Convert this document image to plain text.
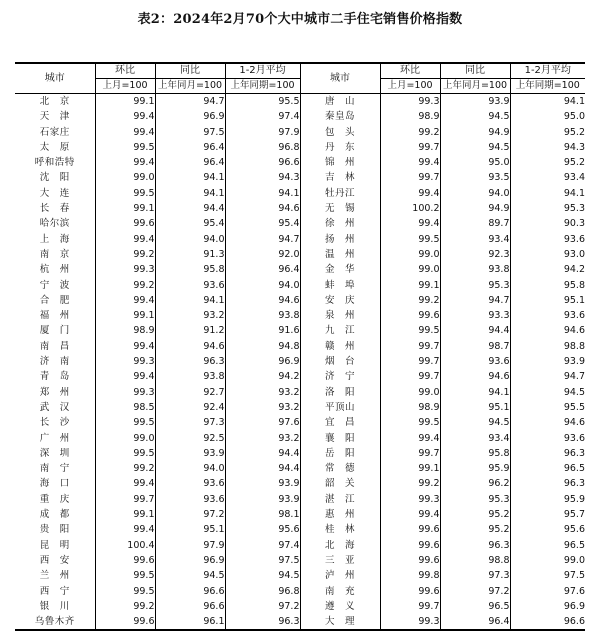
表2：2024年2月70个大中城市二手住宅销售价格指数
城市	环比	同比	1-2月平均	城市	环比	同比	1-2月平均
	上月=100	上年同月=100	上年同期=100		上月=100	上年同月=100	上年同期=100
北　京	99.1	94.7	95.5	唐　山	99.3	93.9	94.1
天　津	99.4	96.9	97.4	秦皇岛	98.9	94.5	95.0
石家庄	99.4	97.5	97.9	包　头	99.2	94.9	95.2
太　原	99.5	96.4	96.8	丹　东	99.7	94.5	94.3
呼和浩特	99.4	96.4	96.6	锦　州	99.4	95.0	95.2
沈　阳	99.0	94.1	94.3	吉　林	99.7	93.5	93.4
大　连	99.5	94.1	94.1	牡丹江	99.4	94.0	94.1
长　春	99.1	94.4	94.6	无　锡	100.2	94.9	95.3
哈尔滨	99.6	95.4	95.4	徐　州	99.4	89.7	90.3
上　海	99.4	94.0	94.7	扬　州	99.5	93.4	93.6
南　京	99.2	91.3	92.0	温　州	99.0	92.3	93.0
杭　州	99.3	95.8	96.4	金　华	99.0	93.8	94.2
宁　波	99.2	93.6	94.0	蚌　埠	99.1	95.3	95.8
合　肥	99.4	94.1	94.6	安　庆	99.2	94.7	95.1
福　州	99.1	93.2	93.8	泉　州	99.6	93.3	93.6
厦　门	98.9	91.2	91.6	九　江	99.5	94.4	94.6
南　昌	99.4	94.6	94.8	赣　州	99.7	98.7	98.8
济　南	99.3	96.3	96.9	烟　台	99.7	93.6	93.9
青　岛	99.4	93.8	94.2	济　宁	99.7	94.6	94.7
郑　州	99.3	92.7	93.2	洛　阳	99.0	94.1	94.5
武　汉	98.5	92.4	93.2	平顶山	98.9	95.1	95.5
长　沙	99.5	97.3	97.6	宜　昌	99.5	94.5	94.6
广　州	99.0	92.5	93.2	襄　阳	99.4	93.4	93.6
深　圳	99.5	93.9	94.4	岳　阳	99.7	95.8	96.3
南　宁	99.2	94.0	94.4	常　德	99.1	95.9	96.5
海　口	99.4	93.6	93.9	韶　关	99.2	96.2	96.3
重　庆	99.7	93.6	93.9	湛　江	99.3	95.3	95.9
成　都	99.1	97.2	98.1	惠　州	99.4	95.2	95.7
贵　阳	99.4	95.1	95.6	桂　林	99.6	95.2	95.6
昆　明	100.4	97.9	97.4	北　海	99.6	96.3	96.5
西　安	99.6	96.9	97.5	三　亚	99.6	98.8	99.0
兰　州	99.5	94.5	94.5	泸　州	99.8	97.3	97.5
西　宁	99.5	96.6	96.8	南　充	99.6	97.2	97.6
银　川	99.2	96.6	97.2	遵　义	99.7	96.5	96.9
乌鲁木齐	99.6	96.1	96.3	大　理	99.3	96.4	96.6
